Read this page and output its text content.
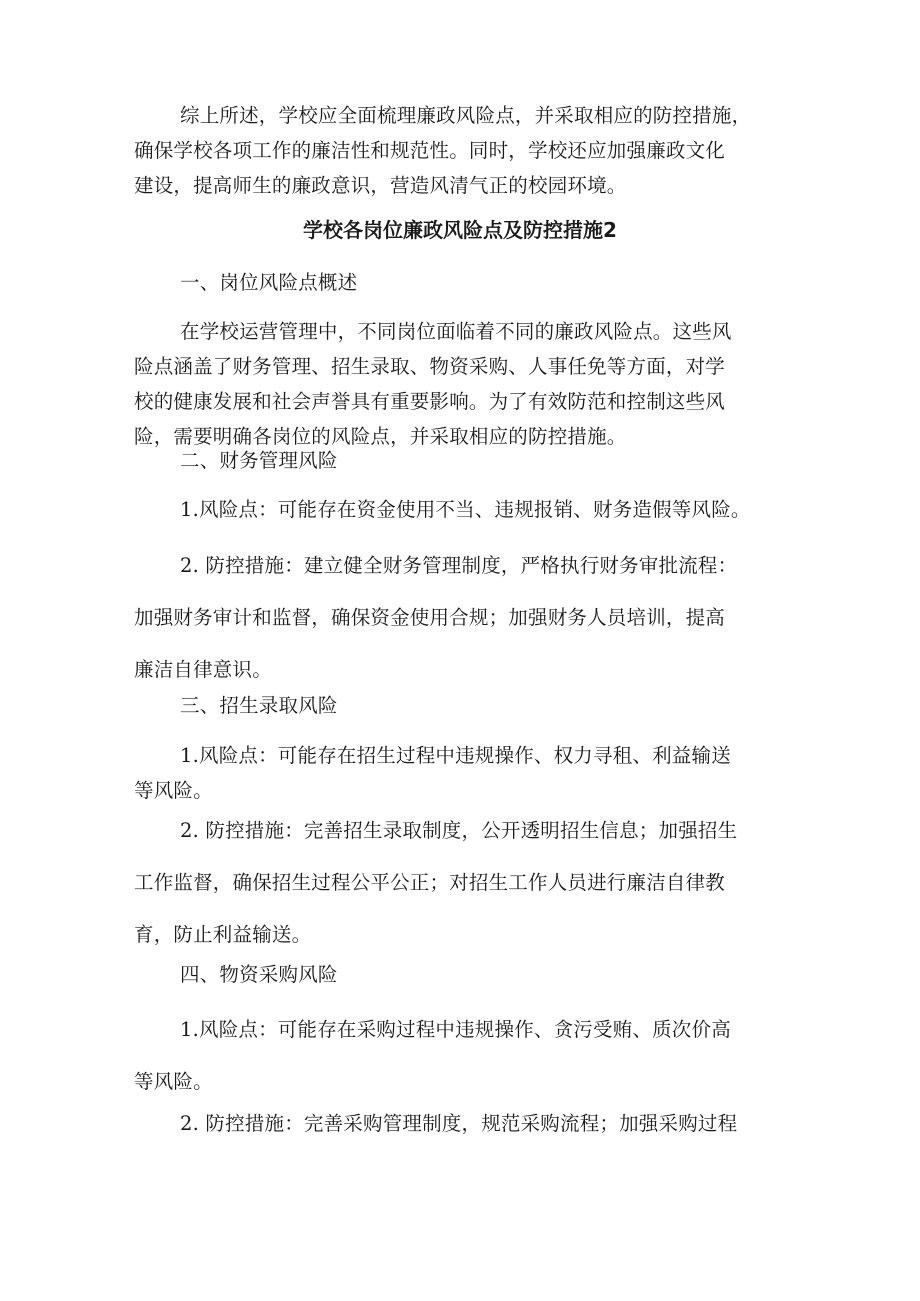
综上所述，学校应全面梳理廉政风险点，并采取相应的防控措施，
确保学校各项工作的廉洁性和规范性。同时，学校还应加强廉政文化
建设，提高师生的廉政意识，营造风清气正的校园环境。

学校各岗位廉政风险点及防控措施2

一、岗位风险点概述

在学校运营管理中，不同岗位面临着不同的廉政风险点。这些风
险点涵盖了财务管理、招生录取、物资采购、人事任免等方面，对学
校的健康发展和社会声誉具有重要影响。为了有效防范和控制这些风
险，需要明确各岗位的风险点，并采取相应的防控措施。

二、财务管理风险

1.风险点：可能存在资金使用不当、违规报销、财务造假等风险。

2. 防控措施：建立健全财务管理制度，严格执行财务审批流程：
加强财务审计和监督，确保资金使用合规；加强财务人员培训，提高
廉洁自律意识。

三、招生录取风险

1.风险点：可能存在招生过程中违规操作、权力寻租、利益输送
等风险。

2. 防控措施：完善招生录取制度，公开透明招生信息；加强招生
工作监督，确保招生过程公平公正；对招生工作人员进行廉洁自律教
育，防止利益输送。

四、物资采购风险

1.风险点：可能存在采购过程中违规操作、贪污受贿、质次价高
等风险。

2. 防控措施：完善采购管理制度，规范采购流程；加强采购过程
